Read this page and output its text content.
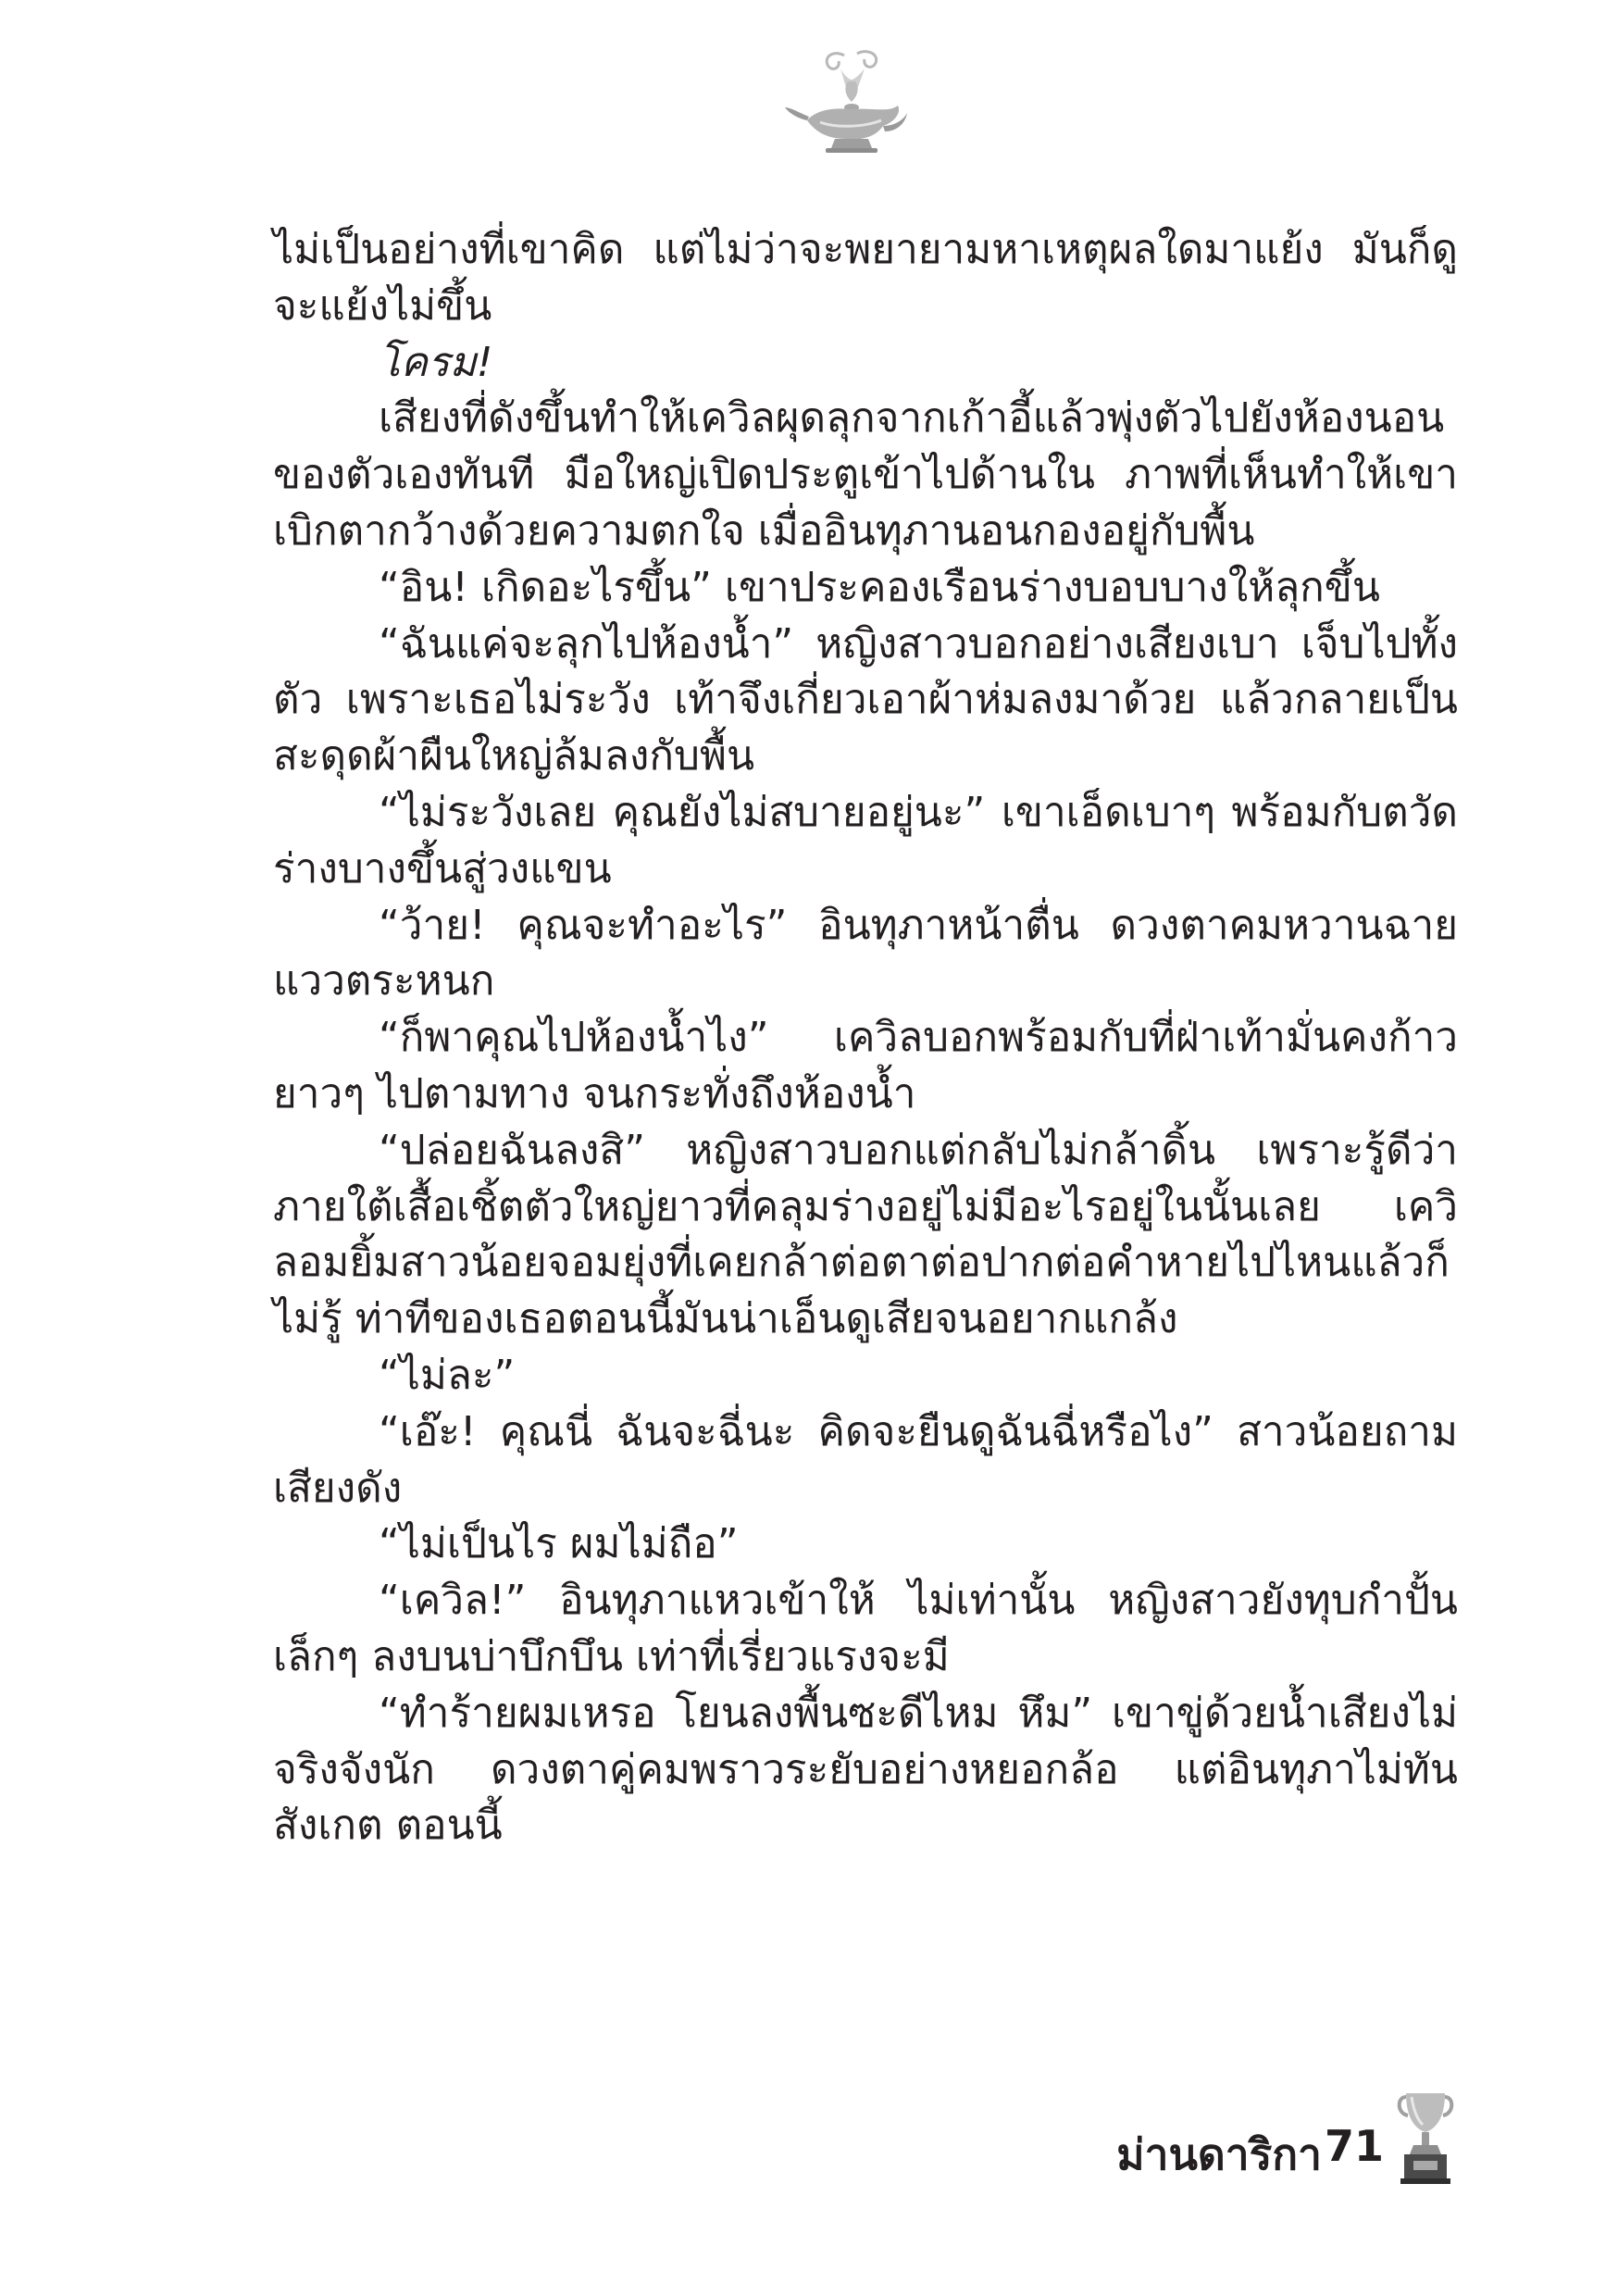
ไม่เป็นอย่างที่เขาคิด แต่ไม่ว่าจะพยายามหาเหตุผลใดมาแย้ง มันก็ดูจะแย้งไม่ขึ้น

โครม!

เสียงที่ดังขึ้นทำให้เควิลผุดลุกจากเก้าอี้แล้วพุ่งตัวไปยังห้องนอนของตัวเองทันที มือใหญ่เปิดประตูเข้าไปด้านใน ภาพที่เห็นทำให้เขาเบิกตากว้างด้วยความตกใจ เมื่ออินทุภานอนกองอยู่กับพื้น

“อิน! เกิดอะไรขึ้น” เขาประคองเรือนร่างบอบบางให้ลุกขึ้น

“ฉันแค่จะลุกไปห้องน้ำ” หญิงสาวบอกอย่างเสียงเบา เจ็บไปทั้งตัว เพราะเธอไม่ระวัง เท้าจึงเกี่ยวเอาผ้าห่มลงมาด้วย แล้วกลายเป็นสะดุดผ้าผืนใหญ่ล้มลงกับพื้น

“ไม่ระวังเลย คุณยังไม่สบายอยู่นะ” เขาเอ็ดเบาๆ พร้อมกับตวัดร่างบางขึ้นสู่วงแขน

“ว้าย! คุณจะทำอะไร” อินทุภาหน้าตื่น ดวงตาคมหวานฉายแววตระหนก

“ก็พาคุณไปห้องน้ำไง” เควิลบอกพร้อมกับที่ฝ่าเท้ามั่นคงก้าวยาวๆ ไปตามทาง จนกระทั่งถึงห้องน้ำ

“ปล่อยฉันลงสิ” หญิงสาวบอกแต่กลับไม่กล้าดิ้น เพราะรู้ดีว่าภายใต้เสื้อเชิ้ตตัวใหญ่ยาวที่คลุมร่างอยู่ไม่มีอะไรอยู่ในนั้นเลย เควิลอมยิ้มสาวน้อยจอมยุ่งที่เคยกล้าต่อตาต่อปากต่อคำหายไปไหนแล้วก็ไม่รู้ ท่าทีของเธอตอนนี้มันน่าเอ็นดูเสียจนอยากแกล้ง

“ไม่ละ”

“เอ๊ะ! คุณนี่ ฉันจะฉี่นะ คิดจะยืนดูฉันฉี่หรือไง” สาวน้อยถามเสียงดัง

“ไม่เป็นไร ผมไม่ถือ”

“เควิล!” อินทุภาแหวเข้าให้ ไม่เท่านั้น หญิงสาวยังทุบกำปั้นเล็กๆ ลงบนบ่าบึกบึน เท่าที่เรี่ยวแรงจะมี

“ทำร้ายผมเหรอ โยนลงพื้นซะดีไหม หึม” เขาขู่ด้วยน้ำเสียงไม่จริงจังนัก ดวงตาคู่คมพราวระยับอย่างหยอกล้อ แต่อินทุภาไม่ทันสังเกต ตอนนี้

ม่านดาริกา 71
